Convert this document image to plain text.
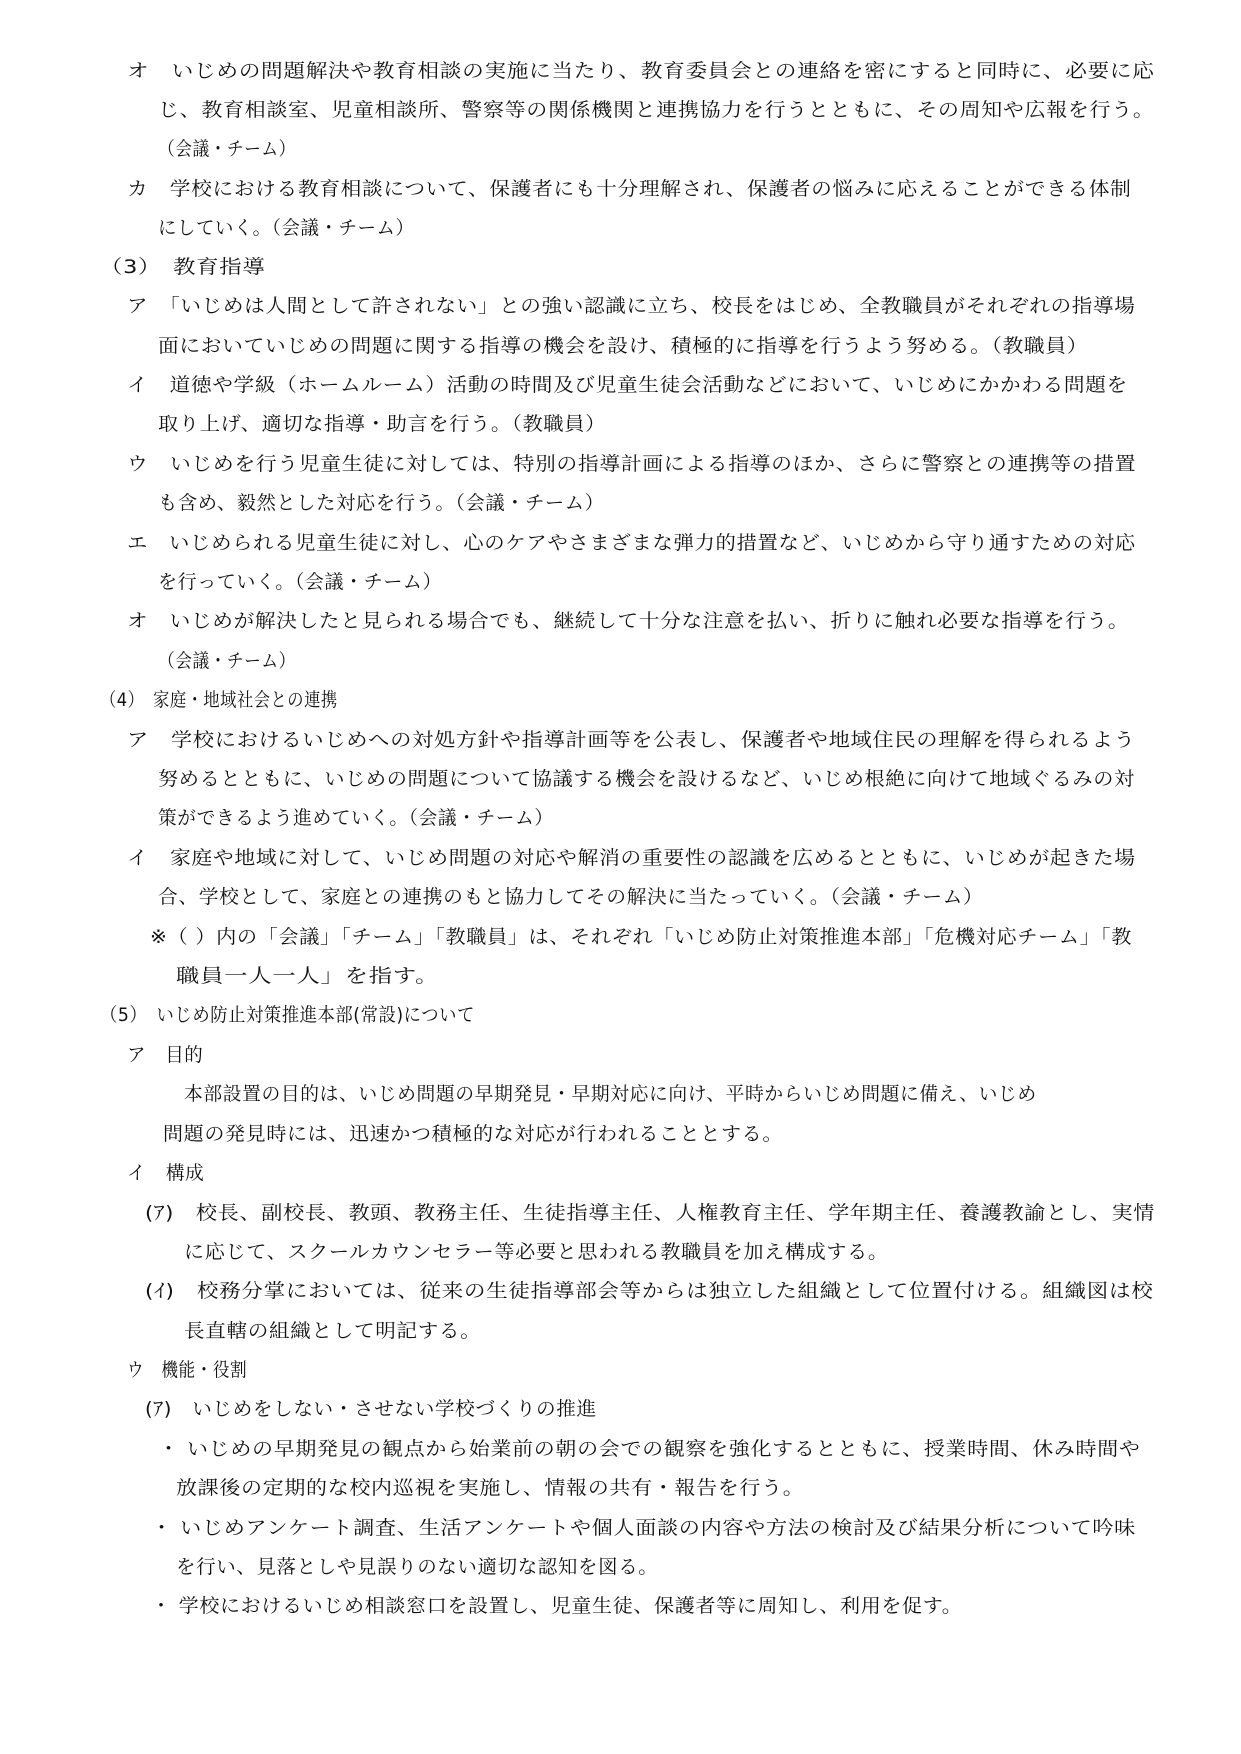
オ　いじめの問題解決や教育相談の実施に当たり、教育委員会との連絡を密にすると同時に、必要に応
じ、教育相談室、児童相談所、警察等の関係機関と連携協力を行うとともに、その周知や広報を行う。
（会議・チーム）
カ　学校における教育相談について、保護者にも十分理解され、保護者の悩みに応えることができる体制
にしていく。（会議・チーム）
（3）　教育指導
ア　「いじめは人間として許されない」との強い認識に立ち、校長をはじめ、全教職員がそれぞれの指導場
面においていじめの問題に関する指導の機会を設け、積極的に指導を行うよう努める。（教職員）
イ　道徳や学級（ホームルーム）活動の時間及び児童生徒会活動などにおいて、いじめにかかわる問題を
取り上げ、適切な指導・助言を行う。（教職員）
ウ　いじめを行う児童生徒に対しては、特別の指導計画による指導のほか、さらに警察との連携等の措置
も含め、毅然とした対応を行う。（会議・チーム）
エ　いじめられる児童生徒に対し、心のケアやさまざまな弾力的措置など、いじめから守り通すための対応
を行っていく。（会議・チーム）
オ　いじめが解決したと見られる場合でも、継続して十分な注意を払い、折りに触れ必要な指導を行う。
（会議・チーム）
（4）　家庭・地域社会との連携
ア　学校におけるいじめへの対処方針や指導計画等を公表し、保護者や地域住民の理解を得られるよう
努めるとともに、いじめの問題について協議する機会を設けるなど、いじめ根絶に向けて地域ぐるみの対
策ができるよう進めていく。（会議・チーム）
イ　家庭や地域に対して、いじめ問題の対応や解消の重要性の認識を広めるとともに、いじめが起きた場
合、学校として、家庭との連携のもと協力してその解決に当たっていく。（会議・チーム）
※（ ）内の「会議」「チーム」「教職員」は、それぞれ「いじめ防止対策推進本部」「危機対応チーム」「教
職員一人一人」を指す。
（5）　いじめ防止対策推進本部(常設)について
ア　目的
本部設置の目的は、いじめ問題の早期発見・早期対応に向け、平時からいじめ問題に備え、いじめ
問題の発見時には、迅速かつ積極的な対応が行われることとする。
イ　構成
(ｱ)　校長、副校長、教頭、教務主任、生徒指導主任、人権教育主任、学年期主任、養護教諭とし、実情
に応じて、スクールカウンセラー等必要と思われる教職員を加え構成する。
(ｲ)　校務分掌においては、従来の生徒指導部会等からは独立した組織として位置付ける。組織図は校
長直轄の組織として明記する。
ウ　機能・役割
(ｱ)　いじめをしない・させない学校づくりの推進
・ いじめの早期発見の観点から始業前の朝の会での観察を強化するとともに、授業時間、休み時間や
放課後の定期的な校内巡視を実施し、情報の共有・報告を行う。
・ いじめアンケート調査、生活アンケートや個人面談の内容や方法の検討及び結果分析について吟味
を行い、見落としや見誤りのない適切な認知を図る。
・ 学校におけるいじめ相談窓口を設置し、児童生徒、保護者等に周知し、利用を促す。
